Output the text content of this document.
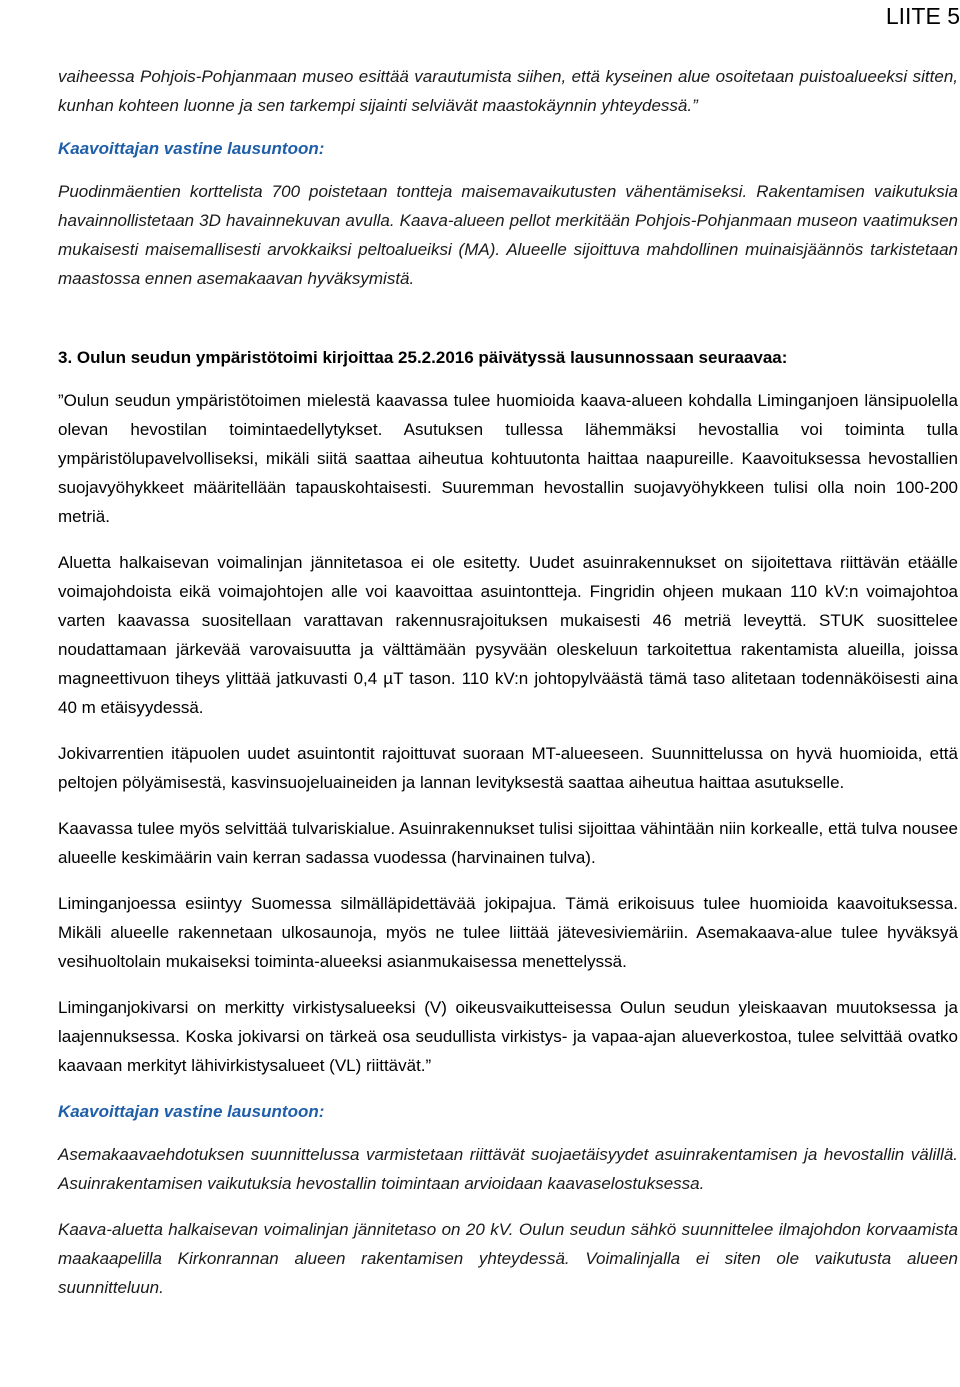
LIITE 5

vaiheessa Pohjois-Pohjanmaan museo esittää varautumista siihen, että kyseinen alue osoitetaan puistoalueeksi sitten, kunhan kohteen luonne ja sen tarkempi sijainti selviävät maastokäynnin yhteydessä.”

Kaavoittajan vastine lausuntoon:

Puodinmäentien korttelista 700 poistetaan tontteja maisemavaikutusten vähentämiseksi. Rakentamisen vaikutuksia havainnollistetaan 3D havainnekuvan avulla. Kaava-alueen pellot merkitään Pohjois-Pohjanmaan museon vaatimuksen mukaisesti maisemallisesti arvokkaiksi peltoalueiksi (MA). Alueelle sijoittuva mahdollinen muinaisjäännös tarkistetaan maastossa ennen asemakaavan hyväksymistä.

3. Oulun seudun ympäristötoimi kirjoittaa 25.2.2016 päivätyssä lausunnossaan seuraavaa:

”Oulun seudun ympäristötoimen mielestä kaavassa tulee huomioida kaava-alueen kohdalla Liminganjoen länsipuolella olevan hevostilan toimintaedellytykset. Asutuksen tullessa lähemmäksi hevostallia voi toiminta tulla ympäristölupavelvolliseksi, mikäli siitä saattaa aiheutua kohtuutonta haittaa naapureille. Kaavoituksessa hevostallien suojavyöhykkeet määritellään tapauskohtaisesti. Suuremman hevostallin suojavyöhykkeen tulisi olla noin 100-200 metriä.

Aluetta halkaisevan voimalinjan jännitetasoa ei ole esitetty. Uudet asuinrakennukset on sijoitettava riittävän etäälle voimajohdoista eikä voimajohtojen alle voi kaavoittaa asuintontteja. Fingridin ohjeen mukaan 110 kV:n voimajohtoa varten kaavassa suositellaan varattavan rakennusrajoituksen mukaisesti 46 metriä leveyttä. STUK suosittelee noudattamaan järkevää varovaisuutta ja välttämään pysyvään oleskeluun tarkoitettua rakentamista alueilla, joissa magneettivuon tiheys ylittää jatkuvasti 0,4 µT tason. 110 kV:n johtopylväästä tämä taso alitetaan todennäköisesti aina 40 m etäisyydessä.

Jokivarrentien itäpuolen uudet asuintontit rajoittuvat suoraan MT-alueeseen. Suunnittelussa on hyvä huomioida, että peltojen pölyämisestä, kasvinsuojeluaineiden ja lannan levityksestä saattaa aiheutua haittaa asutukselle.

Kaavassa tulee myös selvittää tulvariskialue. Asuinrakennukset tulisi sijoittaa vähintään niin korkealle, että tulva nousee alueelle keskimäärin vain kerran sadassa vuodessa (harvinainen tulva).

Liminganjoessa esiintyy Suomessa silmälläpidettävää jokipajua. Tämä erikoisuus tulee huomioida kaavoituksessa. Mikäli alueelle rakennetaan ulkosaunoja, myös ne tulee liittää jätevesiviemäriin. Asemakaava-alue tulee hyväksyä vesihuoltolain mukaiseksi toiminta-alueeksi asianmukaisessa menettelyssä.

Liminganjokivarsi on merkitty virkistysalueeksi (V) oikeusvaikutteisessa Oulun seudun yleiskaavan muutoksessa ja laajennuksessa. Koska jokivarsi on tärkeä osa seudullista virkistys- ja vapaa-ajan alueverkostoa, tulee selvittää ovatko kaavaan merkityt lähivirkistysalueet (VL) riittävät.”

Kaavoittajan vastine lausuntoon:

Asemakaavaehdotuksen suunnittelussa varmistetaan riittävät suojaetäisyydet asuinrakentamisen ja hevostallin välillä. Asuinrakentamisen vaikutuksia hevostallin toimintaan arvioidaan kaavaselostuksessa.

Kaava-aluetta halkaisevan voimalinjan jännitetaso on 20 kV. Oulun seudun sähkö suunnittelee ilmajohdon korvaamista maakaapelilla Kirkonrannan alueen rakentamisen yhteydessä. Voimalinjalla ei siten ole vaikutusta alueen suunnitteluun.
